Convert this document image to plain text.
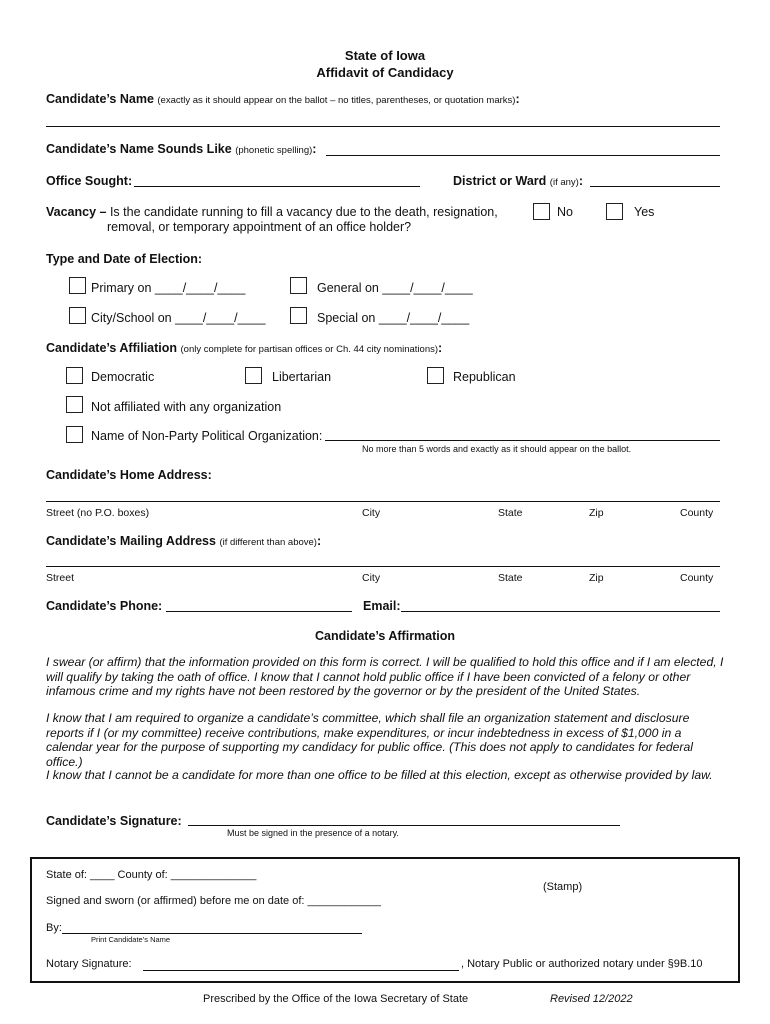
State of Iowa
Affidavit of Candidacy
Candidate’s Name (exactly as it should appear on the ballot – no titles, parentheses, or quotation marks):
Candidate’s Name Sounds Like (phonetic spelling):
Office Sought:	District or Ward (if any):
Vacancy – Is the candidate running to fill a vacancy due to the death, resignation,
removal, or temporary appointment of an office holder?
No	Yes
Type and Date of Election:
Primary on ____/____/____	General on ____/____/____
City/School on ____/____/____	Special on ____/____/____
Candidate’s Affiliation (only complete for partisan offices or Ch. 44 city nominations):
Democratic	Libertarian	Republican
Not affiliated with any organization
Name of Non-Party Political Organization:
No more than 5 words and exactly as it should appear on the ballot.
Candidate’s Home Address:
Street (no P.O. boxes)	City	State	Zip	County
Candidate’s Mailing Address (if different than above):
Street	City	State	Zip	County
Candidate’s Phone:	Email:
Candidate’s Affirmation
I swear (or affirm) that the information provided on this form is correct. I will be qualified to hold this office and if I am elected, I will qualify by taking the oath of office. I know that I cannot hold public office if I have been convicted of a felony or other infamous crime and my rights have not been restored by the governor or by the president of the United States.
I know that I am required to organize a candidate’s committee, which shall file an organization statement and disclosure reports if I (or my committee) receive contributions, make expenditures, or incur indebtedness in excess of $1,000 in a calendar year for the purpose of supporting my candidacy for public office. (This does not apply to candidates for federal office.)
I know that I cannot be a candidate for more than one office to be filled at this election, except as otherwise provided by law.
Candidate’s Signature:
Must be signed in the presence of a notary.
State of: ____ County of: ______________
(Stamp)
Signed and sworn (or affirmed) before me on date of: ____________
By:
Print Candidate’s Name
Notary Signature:	, Notary Public or authorized notary under §9B.10
Prescribed by the Office of the Iowa Secretary of State	Revised 12/2022
